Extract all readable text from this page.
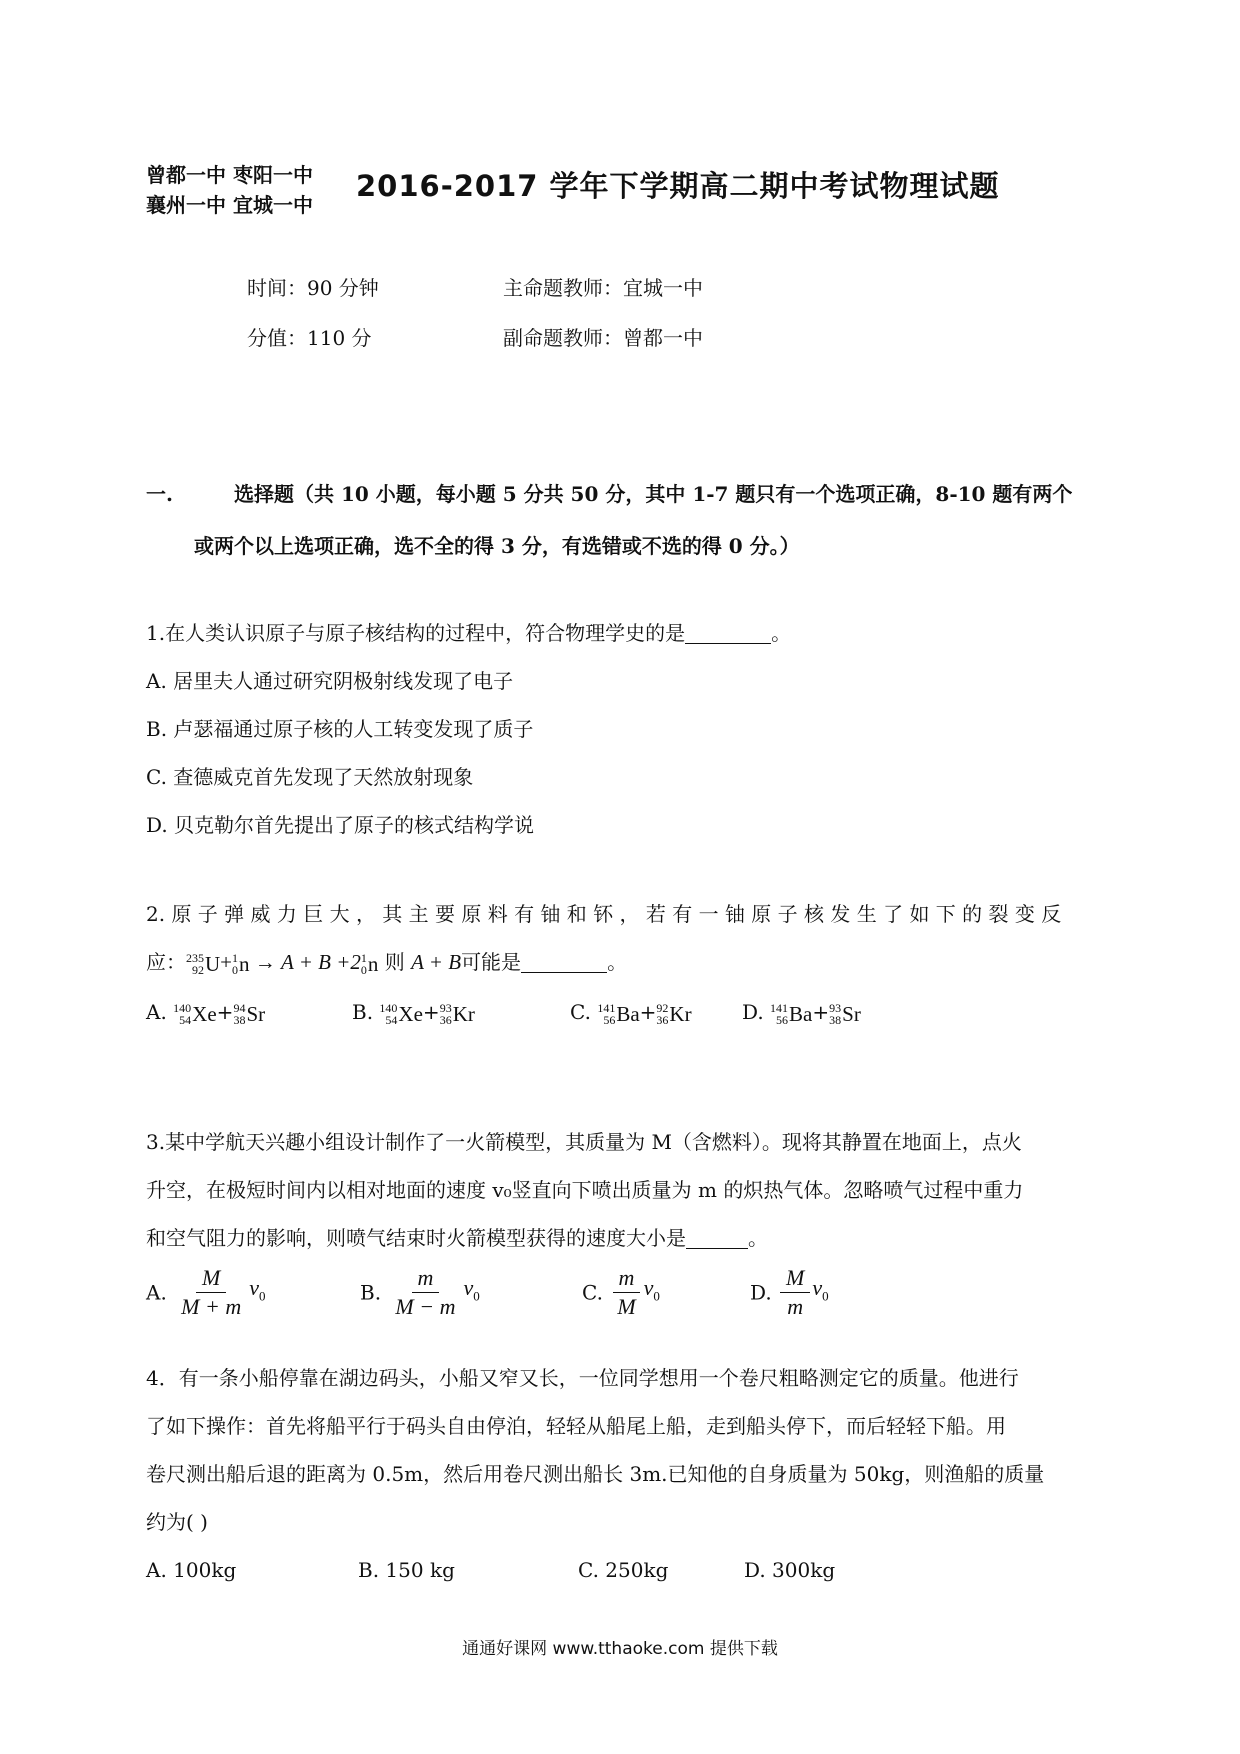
曾都一中 枣阳一中
襄州一中 宜城一中
2016-2017 学年下学期高二期中考试物理试题
时间：90 分钟	主命题教师：宜城一中
分值：110 分	副命题教师：曾都一中
一.	选择题（共 10 小题，每小题 5 分共 50 分，其中 1-7 题只有一个选项正确，8-10 题有两个
或两个以上选项正确，选不全的得 3 分，有选错或不选的得 0 分。）

1.在人类认识原子与原子核结构的过程中，符合物理学史的是	。

A. 居里夫人通过研究阴极射线发现了电子

B. 卢瑟福通过原子核的人工转变发现了质子

C. 查德威克首先发现了天然放射现象

D. 贝克勒尔首先提出了原子的核式结构学说

2. 原 子 弹 威 力 巨 大 ， 其 主 要 原 料 有 铀 和 钚 ， 若 有 一 铀 原 子 核 发 生 了 如 下 的 裂 变 反

应： 235
92 U + 1
0 n → A + B +2 1
0 n 则 A + B可能是	。

A. 140
54 Xe + 94
38 Sr	B. 140
54 Xe + 93
36 Kr	C. 141
56 Ba + 92
36 Kr	D. 141
56 Ba + 93
38 Sr

3.某中学航天兴趣小组设计制作了一火箭模型，其质量为 M（含燃料）。现将其静置在地面上，点火

升空，在极短时间内以相对地面的速度 v₀竖直向下喷出质量为 m 的炽热气体。忽略喷气过程中重力

和空气阻力的影响，则喷气结束时火箭模型获得的速度大小是	。

A. $\frac{M}{M + m} v_0$	B. $\frac{m}{M - m} v_0$	C. $\frac{m}{M} v_0$	D. $\frac{M}{m} v_0$

4．有一条小船停靠在湖边码头，小船又窄又长，一位同学想用一个卷尺粗略测定它的质量。他进行

了如下操作：首先将船平行于码头自由停泊，轻轻从船尾上船，走到船头停下，而后轻轻下船。用

卷尺测出船后退的距离为 0.5m，然后用卷尺测出船长 3m.已知他的自身质量为 50kg，则渔船的质量

约为( )

A. 100kg	B. 150 kg	C. 250kg	D. 300kg
通通好课网 www.tthaoke.com 提供下载
